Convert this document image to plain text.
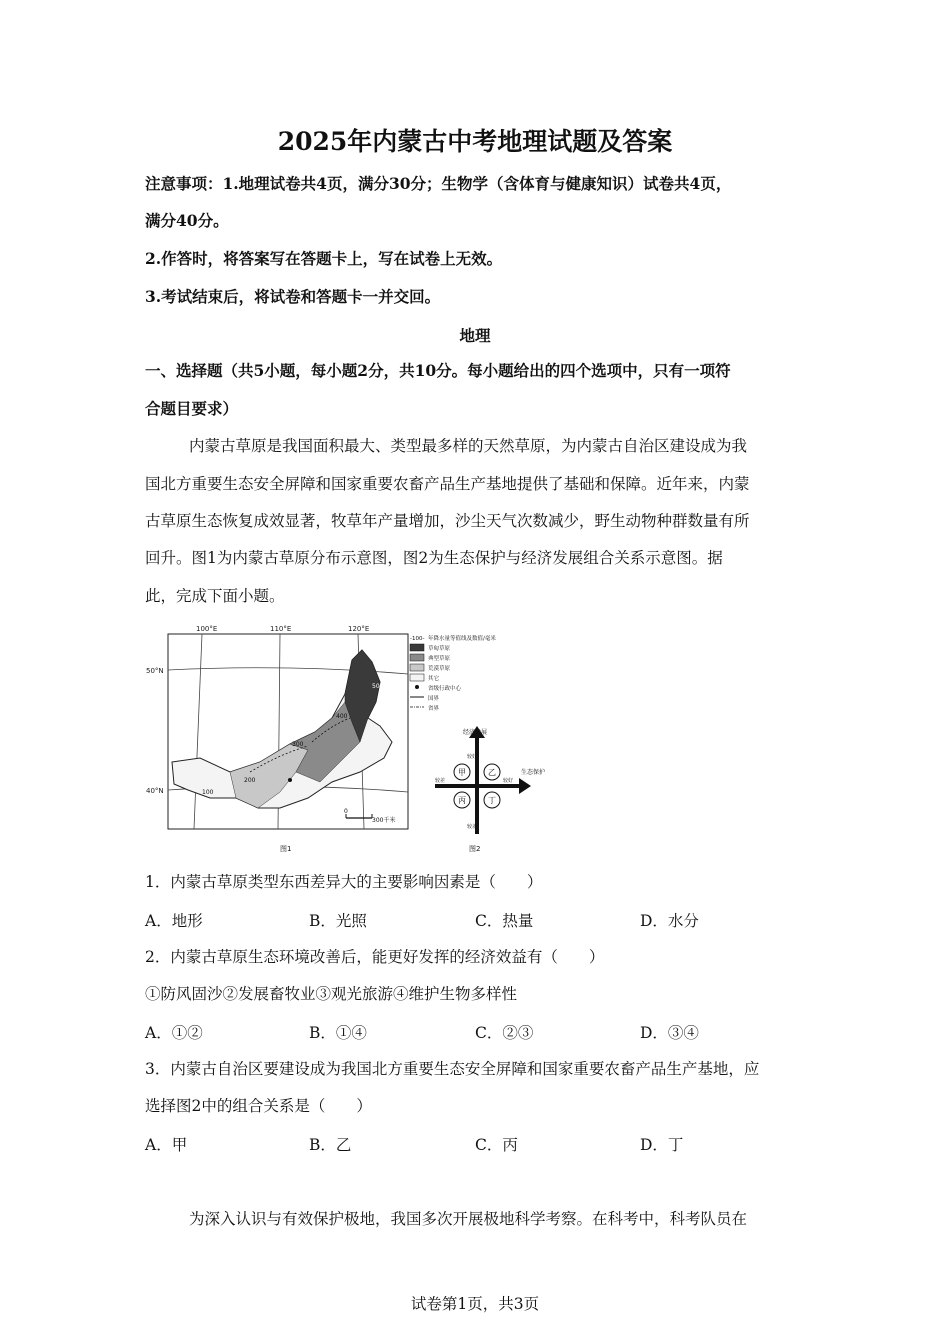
2025年内蒙古中考地理试题及答案
注意事项：1.地理试卷共4页，满分30分；生物学（含体育与健康知识）试卷共4页，
满分40分。
2.作答时，将答案写在答题卡上，写在试卷上无效。
3.考试结束后，将试卷和答题卡一并交回。
地理
一、选择题（共5小题，每小题2分，共10分。每小题给出的四个选项中，只有一项符
合题目要求）
内蒙古草原是我国面积最大、类型最多样的天然草原，为内蒙古自治区建设成为我
国北方重要生态安全屏障和国家重要农畜产品生产基地提供了基础和保障。近年来，内蒙
古草原生态恢复成效显著，牧草年产量增加，沙尘天气次数减少，野生动物种群数量有所
回升。图1为内蒙古草原分布示意图，图2为生态保护与经济发展组合关系示意图。据
此，完成下面小题。
100°E	110°E	120°E
50°N
40°N	100
200
300
400
500
0
300千米
图1
-100- 年降水量等值线及数值/毫米
草甸草原
典型草原
荒漠草原
其它
省级行政中心
国界
省界
经济发展
较好
较差
较差	较好
生态保护
甲	乙
丙	丁
图2
1．内蒙古草原类型东西差异大的主要影响因素是（　　）
A．地形	B．光照	C．热量	D．水分
2．内蒙古草原生态环境改善后，能更好发挥的经济效益有（　　）
①防风固沙②发展畜牧业③观光旅游④维护生物多样性
A．①②	B．①④	C．②③	D．③④
3．内蒙古自治区要建设成为我国北方重要生态安全屏障和国家重要农畜产品生产基地，应
选择图2中的组合关系是（　　）
A．甲	B．乙	C．丙	D．丁
为深入认识与有效保护极地，我国多次开展极地科学考察。在科考中，科考队员在
试卷第1页，共3页
